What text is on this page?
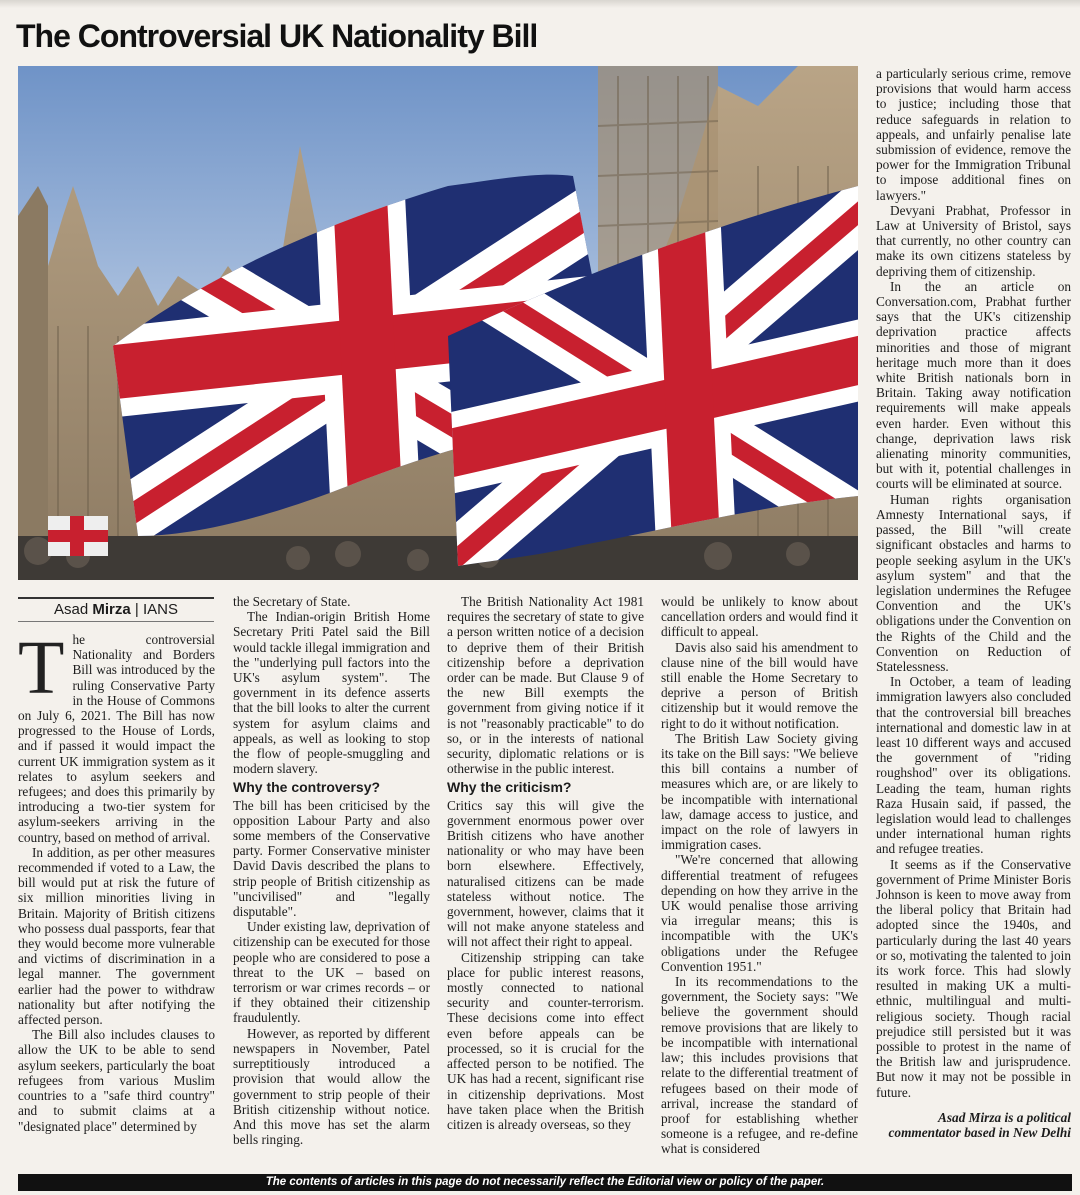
The Controversial UK Nationality Bill
Asad Mirza | IANS
T he controversial Nationality and Borders Bill was introduced by the ruling Conservative Party in the House of Commons on July 6, 2021. The Bill has now progressed to the House of Lords, and if passed it would impact the current UK immigration system as it relates to asylum seekers and refugees; and does this primarily by introducing a two-tier system for asylum-seekers arriving in the country, based on method of arrival.

In addition, as per other measures recommended if voted to a Law, the bill would put at risk the future of six million minorities living in Britain. Majority of British citizens who possess dual passports, fear that they would become more vulnerable and victims of discrimination in a legal manner. The government earlier had the power to withdraw nationality but after notifying the affected person.

The Bill also includes clauses to allow the UK to be able to send asylum seekers, particularly the boat refugees from various Muslim countries to a "safe third country" and to submit claims at a "designated place" determined by

the Secretary of State.

The Indian-origin British Home Secretary Priti Patel said the Bill would tackle illegal immigration and the "underlying pull factors into the UK's asylum system". The government in its defence asserts that the bill looks to alter the current system for asylum claims and appeals, as well as looking to stop the flow of people-smuggling and modern slavery.

Why the controversy?

The bill has been criticised by the opposition Labour Party and also some members of the Conservative party. Former Conservative minister David Davis described the plans to strip people of British citizenship as "uncivilised" and "legally disputable".

Under existing law, deprivation of citizenship can be executed for those people who are considered to pose a threat to the UK – based on terrorism or war crimes records – or if they obtained their citizenship fraudulently.

However, as reported by different newspapers in November, Patel surreptitiously introduced a provision that would allow the government to strip people of their British citizenship without notice. And this move has set the alarm bells ringing.

The British Nationality Act 1981 requires the secretary of state to give a person written notice of a decision to deprive them of their British citizenship before a deprivation order can be made. But Clause 9 of the new Bill exempts the government from giving notice if it is not "reasonably practicable" to do so, or in the interests of national security, diplomatic relations or is otherwise in the public interest.

Why the criticism?

Critics say this will give the government enormous power over British citizens who have another nationality or who may have been born elsewhere. Effectively, naturalised citizens can be made stateless without notice. The government, however, claims that it will not make anyone stateless and will not affect their right to appeal.

Citizenship stripping can take place for public interest reasons, mostly connected to national security and counter-terrorism. These decisions come into effect even before appeals can be processed, so it is crucial for the affected person to be notified. The UK has had a recent, significant rise in citizenship deprivations. Most have taken place when the British citizen is already overseas, so they

would be unlikely to know about cancellation orders and would find it difficult to appeal.

Davis also said his amendment to clause nine of the bill would have still enable the Home Secretary to deprive a person of British citizenship but it would remove the right to do it without notification.

The British Law Society giving its take on the Bill says: "We believe this bill contains a number of measures which are, or are likely to be incompatible with international law, damage access to justice, and impact on the role of lawyers in immigration cases.

"We're concerned that allowing differential treatment of refugees depending on how they arrive in the UK would penalise those arriving via irregular means; this is incompatible with the UK's obligations under the Refugee Convention 1951."

In its recommendations to the government, the Society says: "We believe the government should remove provisions that are likely to be incompatible with international law; this includes provisions that relate to the differential treatment of refugees based on their mode of arrival, increase the standard of proof for establishing whether someone is a refugee, and re-define what is considered

a particularly serious crime, remove provisions that would harm access to justice; including those that reduce safeguards in relation to appeals, and unfairly penalise late submission of evidence, remove the power for the Immigration Tribunal to impose additional fines on lawyers."

Devyani Prabhat, Professor in Law at University of Bristol, says that currently, no other country can make its own citizens stateless by depriving them of citizenship.

In the an article on Conversation.com, Prabhat further says that the UK's citizenship deprivation practice affects minorities and those of migrant heritage much more than it does white British nationals born in Britain. Taking away notification requirements will make appeals even harder. Even without this change, deprivation laws risk alienating minority communities, but with it, potential challenges in courts will be eliminated at source.

Human rights organisation Amnesty International says, if passed, the Bill "will create significant obstacles and harms to people seeking asylum in the UK's asylum system" and that the legislation undermines the Refugee Convention and the UK's obligations under the Convention on the Rights of the Child and the Convention on Reduction of Statelessness.

In October, a team of leading immigration lawyers also concluded that the controversial bill breaches international and domestic law in at least 10 different ways and accused the government of "riding roughshod" over its obligations. Leading the team, human rights Raza Husain said, if passed, the legislation would lead to challenges under international human rights and refugee treaties.

It seems as if the Conservative government of Prime Minister Boris Johnson is keen to move away from the liberal policy that Britain had adopted since the 1940s, and particularly during the last 40 years or so, motivating the talented to join its work force. This had slowly resulted in making UK a multi-ethnic, multilingual and multi-religious society. Though racial prejudice still persisted but it was possible to protest in the name of the British law and jurisprudence. But now it may not be possible in future.

Asad Mirza is a political commentator based in New Delhi

The contents of articles in this page do not necessarily reflect the Editorial view or policy of the paper.
